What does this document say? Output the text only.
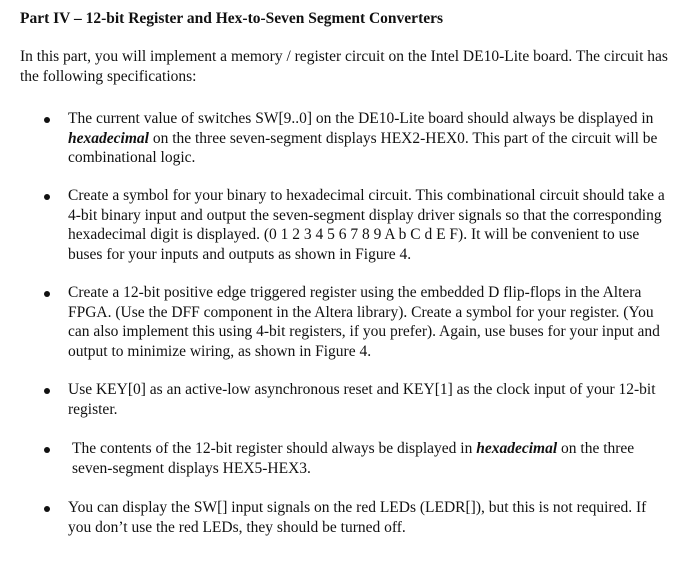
Part IV – 12-bit Register and Hex-to-Seven Segment Converters
In this part, you will implement a memory / register circuit on the Intel DE10-Lite board. The circuit has the following specifications:
The current value of switches SW[9..0] on the DE10-Lite board should always be displayed in hexadecimal on the three seven-segment displays HEX2-HEX0. This part of the circuit will be combinational logic.
Create a symbol for your binary to hexadecimal circuit. This combinational circuit should take a 4-bit binary input and output the seven-segment display driver signals so that the corresponding hexadecimal digit is displayed. (0 1 2 3 4 5 6 7 8 9 A b C d E F). It will be convenient to use buses for your inputs and outputs as shown in Figure 4.
Create a 12-bit positive edge triggered register using the embedded D flip-flops in the Altera FPGA. (Use the DFF component in the Altera library). Create a symbol for your register. (You can also implement this using 4-bit registers, if you prefer). Again, use buses for your input and output to minimize wiring, as shown in Figure 4.
Use KEY[0] as an active-low asynchronous reset and KEY[1] as the clock input of your 12-bit register.
The contents of the 12-bit register should always be displayed in hexadecimal on the three seven-segment displays HEX5-HEX3.
You can display the SW[] input signals on the red LEDs (LEDR[]), but this is not required. If you don’t use the red LEDs, they should be turned off.
